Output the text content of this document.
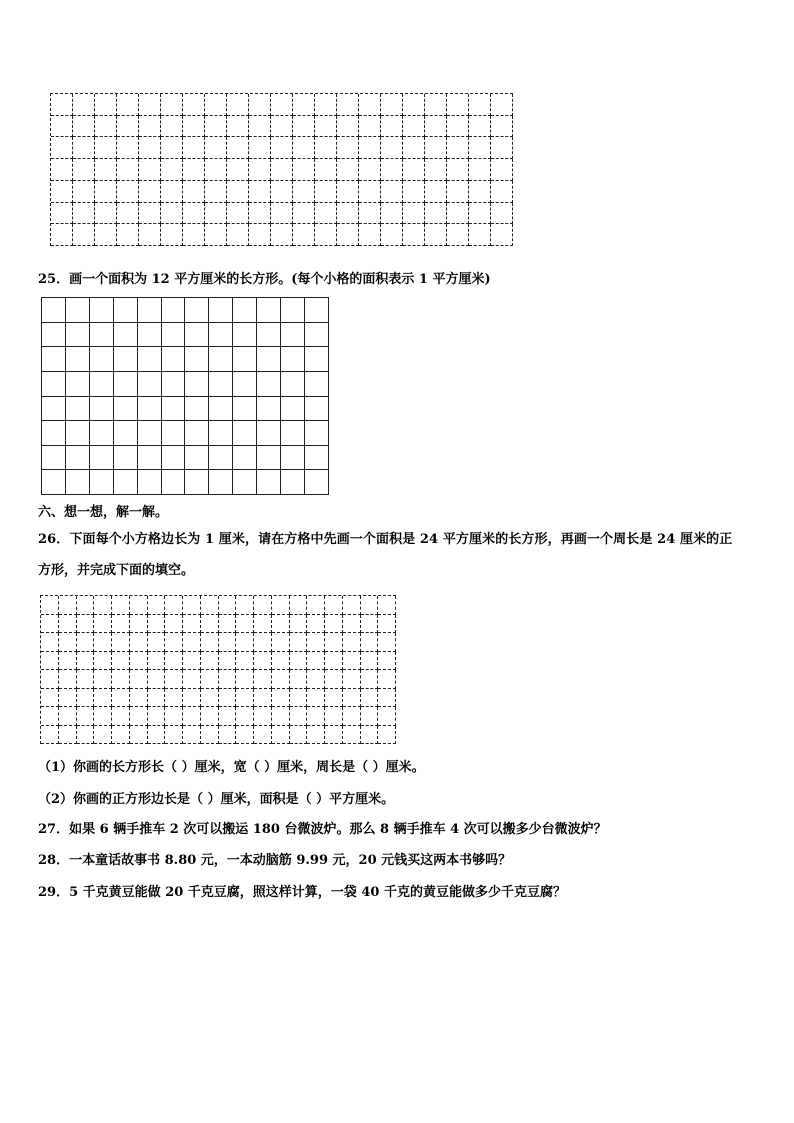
25．画一个面积为 12 平方厘米的长方形。(每个小格的面积表示 1 平方厘米)
六、想一想，解一解。
26．下面每个小方格边长为 1 厘米，请在方格中先画一个面积是 24 平方厘米的长方形，再画一个周长是 24 厘米的正
方形，并完成下面的填空。
（1）你画的长方形长（ ）厘米，宽（ ）厘米，周长是（ ）厘米。
（2）你画的正方形边长是（ ）厘米，面积是（ ）平方厘米。
27．如果 6 辆手推车 2 次可以搬运 180 台微波炉。那么 8 辆手推车 4 次可以搬多少台微波炉？
28．一本童话故事书 8.80 元，一本动脑筋 9.99 元，20 元钱买这两本书够吗？
29．5 千克黄豆能做 20 千克豆腐，照这样计算，一袋 40 千克的黄豆能做多少千克豆腐？
